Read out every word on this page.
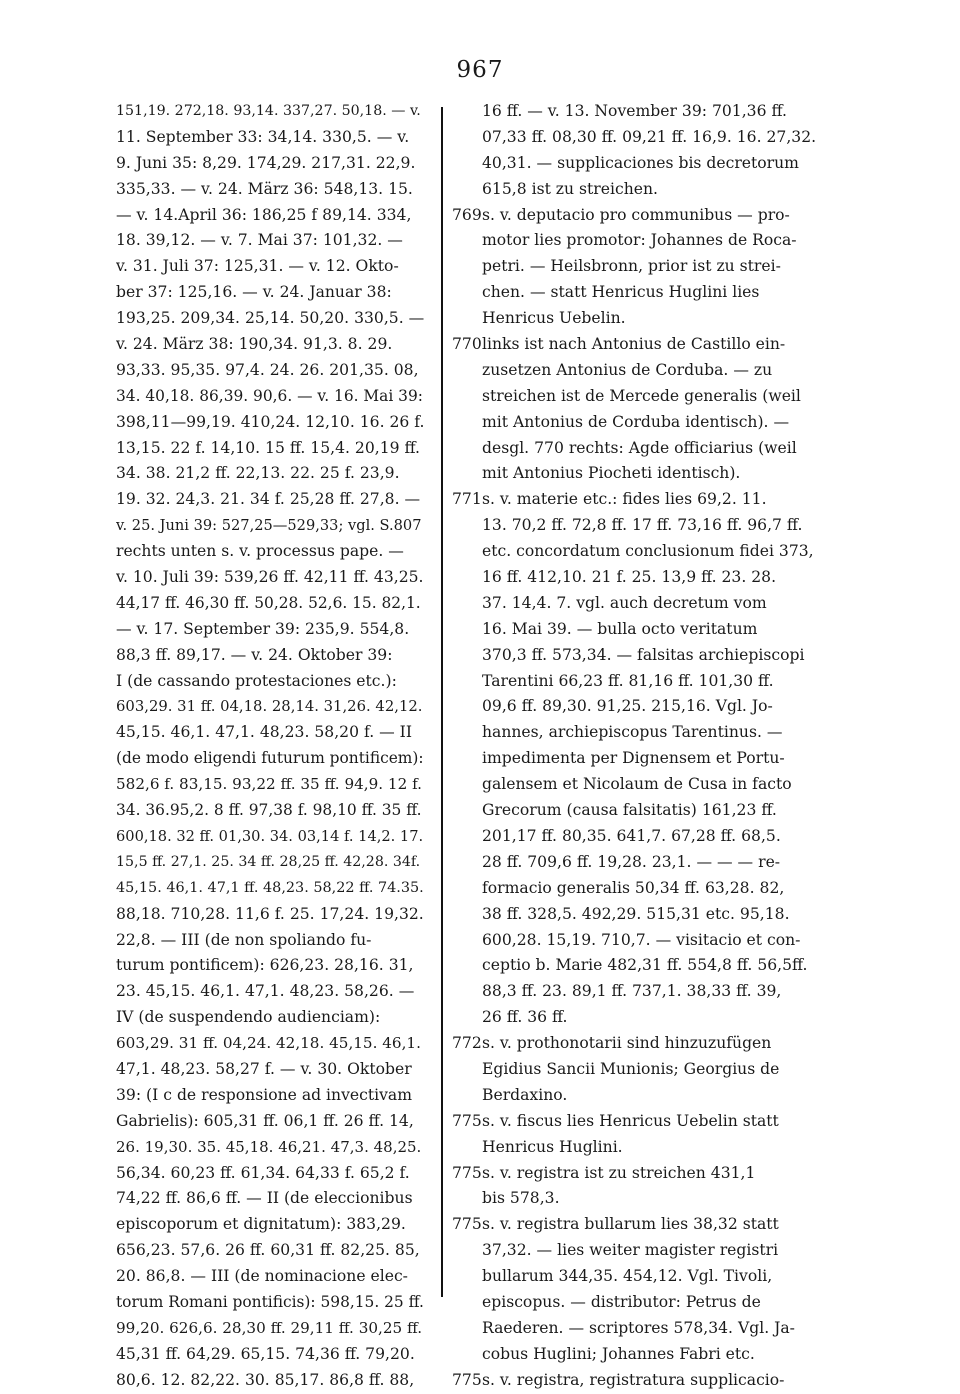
967
151,19. 272,18. 93,14. 337,27. 50,18. — v.
11. September 33: 34,14. 330,5. — v.
9. Juni 35: 8,29. 174,29. 217,31. 22,9.
335,33. — v. 24. März 36: 548,13. 15.
— v. 14.April 36: 186,25 f 89,14. 334,
18. 39,12. — v. 7. Mai 37: 101,32. —
v. 31. Juli 37: 125,31. — v. 12. Okto-
ber 37: 125,16. — v. 24. Januar 38:
193,25. 209,34. 25,14. 50,20. 330,5. —
v. 24. März 38: 190,34. 91,3. 8. 29.
93,33. 95,35. 97,4. 24. 26. 201,35. 08,
34. 40,18. 86,39. 90,6. — v. 16. Mai 39:
398,11—99,19. 410,24. 12,10. 16. 26 f.
13,15. 22 f. 14,10. 15 ff. 15,4. 20,19 ff.
34. 38. 21,2 ff. 22,13. 22. 25 f. 23,9.
19. 32. 24,3. 21. 34 f. 25,28 ff. 27,8. —
v. 25. Juni 39: 527,25—529,33; vgl. S.807
rechts unten s. v. processus pape. —
v. 10. Juli 39: 539,26 ff. 42,11 ff. 43,25.
44,17 ff. 46,30 ff. 50,28. 52,6. 15. 82,1.
— v. 17. September 39: 235,9. 554,8.
88,3 ff. 89,17. — v. 24. Oktober 39:
I (de cassando protestaciones etc.):
603,29. 31 ff. 04,18. 28,14. 31,26. 42,12.
45,15. 46,1. 47,1. 48,23. 58,20 f. — II
(de modo eligendi futurum pontificem):
582,6 f. 83,15. 93,22 ff. 35 ff. 94,9. 12 f.
34. 36.95,2. 8 ff. 97,38 f. 98,10 ff. 35 ff.
600,18. 32 ff. 01,30. 34. 03,14 f. 14,2. 17.
15,5 ff. 27,1. 25. 34 ff. 28,25 ff. 42,28. 34f.
45,15. 46,1. 47,1 ff. 48,23. 58,22 ff. 74.35.
88,18. 710,28. 11,6 f. 25. 17,24. 19,32.
22,8. — III (de non spoliando fu-
turum pontificem): 626,23. 28,16. 31,
23. 45,15. 46,1. 47,1. 48,23. 58,26. —
IV (de suspendendo audienciam):
603,29. 31 ff. 04,24. 42,18. 45,15. 46,1.
47,1. 48,23. 58,27 f. — v. 30. Oktober
39: (I c de responsione ad invectivam
Gabrielis): 605,31 ff. 06,1 ff. 26 ff. 14,
26. 19,30. 35. 45,18. 46,21. 47,3. 48,25.
56,34. 60,23 ff. 61,34. 64,33 f. 65,2 f.
74,22 ff. 86,6 ff. — II (de eleccionibus
episcoporum et dignitatum): 383,29.
656,23. 57,6. 26 ff. 60,31 ff. 82,25. 85,
20. 86,8. — III (de nominacione elec-
torum Romani pontificis): 598,15. 25 ff.
99,20. 626,6. 28,30 ff. 29,11 ff. 30,25 ff.
45,31 ff. 64,29. 65,15. 74,36 ff. 79,20.
80,6. 12. 82,22. 30. 85,17. 86,8 ff. 88,
16 ff. — v. 13. November 39: 701,36 ff.
07,33 ff. 08,30 ff. 09,21 ff. 16,9. 16. 27,32.
40,31. — supplicaciones bis decretorum
615,8 ist zu streichen.
769 s. v. deputacio pro communibus — pro-
motor lies promotor: Johannes de Roca-
petri. — Heilsbronn, prior ist zu strei-
chen. — statt Henricus Huglini lies
Henricus Uebelin.
770 links ist nach Antonius de Castillo ein-
zusetzen Antonius de Corduba. — zu
streichen ist de Mercede generalis (weil
mit Antonius de Corduba identisch). —
desgl. 770 rechts: Agde officiarius (weil
mit Antonius Piocheti identisch).
771 s. v. materie etc.: fides lies 69,2. 11.
13. 70,2 ff. 72,8 ff. 17 ff. 73,16 ff. 96,7 ff.
etc. concordatum conclusionum fidei 373,
16 ff. 412,10. 21 f. 25. 13,9 ff. 23. 28.
37. 14,4. 7. vgl. auch decretum vom
16. Mai 39. — bulla octo veritatum
370,3 ff. 573,34. — falsitas archiepiscopi
Tarentini 66,23 ff. 81,16 ff. 101,30 ff.
09,6 ff. 89,30. 91,25. 215,16. Vgl. Jo-
hannes, archiepiscopus Tarentinus. —
impedimenta per Dignensem et Portu-
galensem et Nicolaum de Cusa in facto
Grecorum (causa falsitatis) 161,23 ff.
201,17 ff. 80,35. 641,7. 67,28 ff. 68,5.
28 ff. 709,6 ff. 19,28. 23,1. — — — re-
formacio generalis 50,34 ff. 63,28. 82,
38 ff. 328,5. 492,29. 515,31 etc. 95,18.
600,28. 15,19. 710,7. — visitacio et con-
ceptio b. Marie 482,31 ff. 554,8 ff. 56,5ff.
88,3 ff. 23. 89,1 ff. 737,1. 38,33 ff. 39,
26 ff. 36 ff.
772 s. v. prothonotarii sind hinzuzufügen
Egidius Sancii Munionis; Georgius de
Berdaxino.
775 s. v. fiscus lies Henricus Uebelin statt
Henricus Huglini.
775 s. v. registra ist zu streichen 431,1
bis 578,3.
775 s. v. registra bullarum lies 38,32 statt
37,32. — lies weiter magister registri
bullarum 344,35. 454,12. Vgl. Tivoli,
episcopus. — distributor: Petrus de
Raederen. — scriptores 578,34. Vgl. Ja-
cobus Huglini; Johannes Fabri etc.
775 s. v. registra, registratura supplicacio-
